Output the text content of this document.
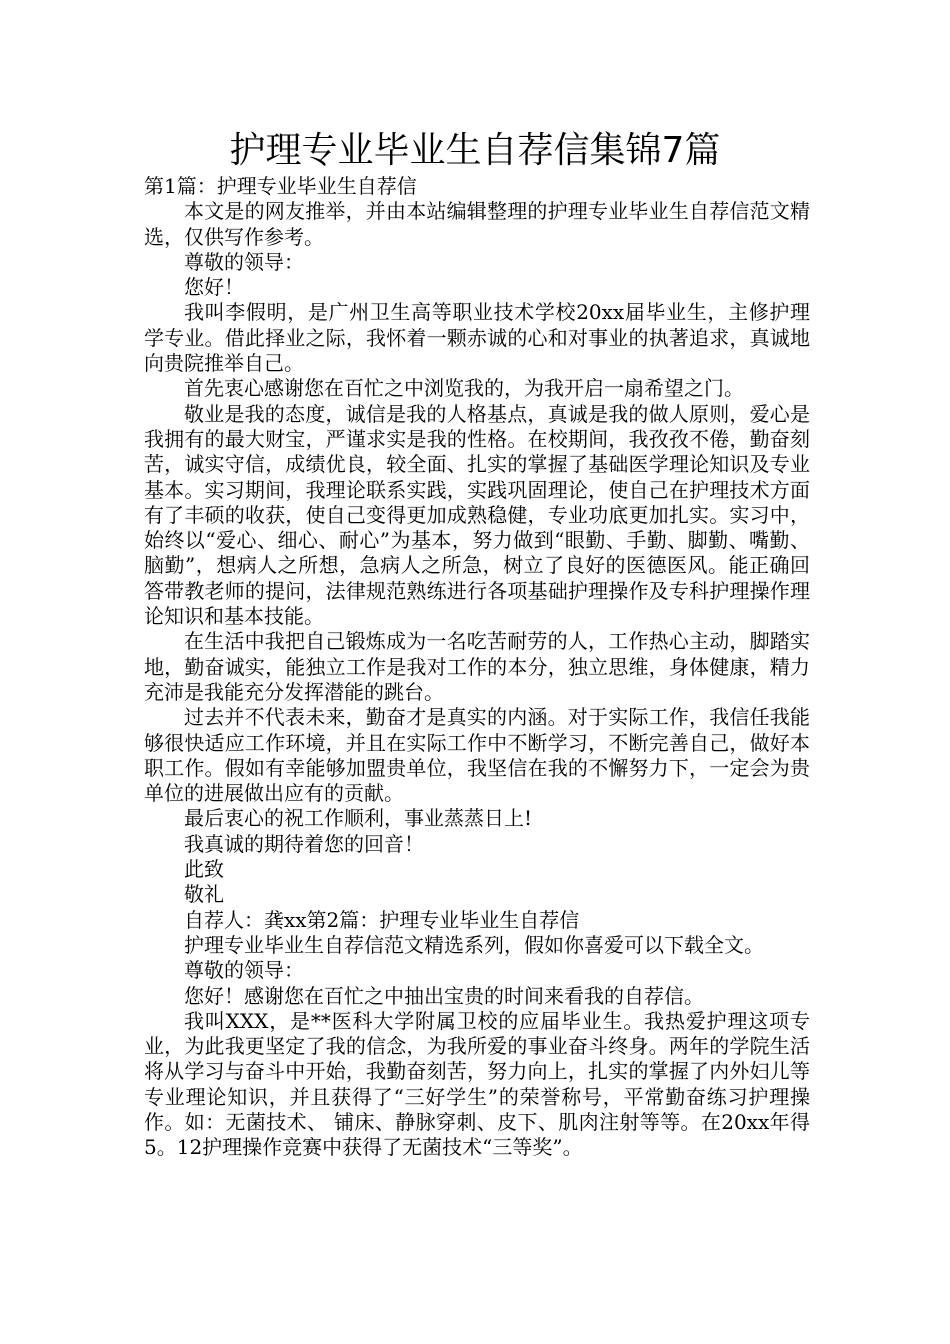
护理专业毕业生自荐信集锦7篇

第1篇：护理专业毕业生自荐信

本文是的网友推举，并由本站编辑整理的护理专业毕业生自荐信范文精选，仅供写作参考。

尊敬的领导：

您好！

我叫李假明，是广州卫生高等职业技术学校20xx届毕业生，主修护理学专业。借此择业之际，我怀着一颗赤诚的心和对事业的执著追求，真诚地向贵院推举自己。

首先衷心感谢您在百忙之中浏览我的，为我开启一扇希望之门。

敬业是我的态度，诚信是我的人格基点，真诚是我的做人原则，爱心是我拥有的最大财宝，严谨求实是我的性格。在校期间，我孜孜不倦，勤奋刻苦，诚实守信，成绩优良，较全面、扎实的掌握了基础医学理论知识及专业基本。实习期间，我理论联系实践，实践巩固理论，使自己在护理技术方面有了丰硕的收获，使自己变得更加成熟稳健，专业功底更加扎实。实习中，始终以“爱心、细心、耐心”为基本，努力做到“眼勤、手勤、脚勤、嘴勤、脑勤”，想病人之所想，急病人之所急，树立了良好的医德医风。能正确回答带教老师的提问，法律规范熟练进行各项基础护理操作及专科护理操作理论知识和基本技能。

在生活中我把自己锻炼成为一名吃苦耐劳的人，工作热心主动，脚踏实地，勤奋诚实，能独立工作是我对工作的本分，独立思维，身体健康，精力充沛是我能充分发挥潜能的跳台。

过去并不代表未来，勤奋才是真实的内涵。对于实际工作，我信任我能够很快适应工作环境，并且在实际工作中不断学习，不断完善自己，做好本职工作。假如有幸能够加盟贵单位，我坚信在我的不懈努力下，一定会为贵单位的进展做出应有的贡献。

最后衷心的祝工作顺利，事业蒸蒸日上!

我真诚的期待着您的回音！

此致

敬礼

自荐人：龚xx第2篇：护理专业毕业生自荐信

护理专业毕业生自荐信范文精选系列，假如你喜爱可以下载全文。

尊敬的领导：

您好！感谢您在百忙之中抽出宝贵的时间来看我的自荐信。

我叫XXX，是**医科大学附属卫校的应届毕业生。我热爱护理这项专业，为此我更坚定了我的信念，为我所爱的事业奋斗终身。两年的学院生活将从学习与奋斗中开始，我勤奋刻苦，努力向上，扎实的掌握了内外妇儿等专业理论知识，并且获得了“三好学生”的荣誉称号，平常勤奋练习护理操作。如：无菌技术、 铺床、静脉穿刺、皮下、肌肉注射等等。在20xx年得5。12护理操作竞赛中获得了无菌技术“三等奖”。
